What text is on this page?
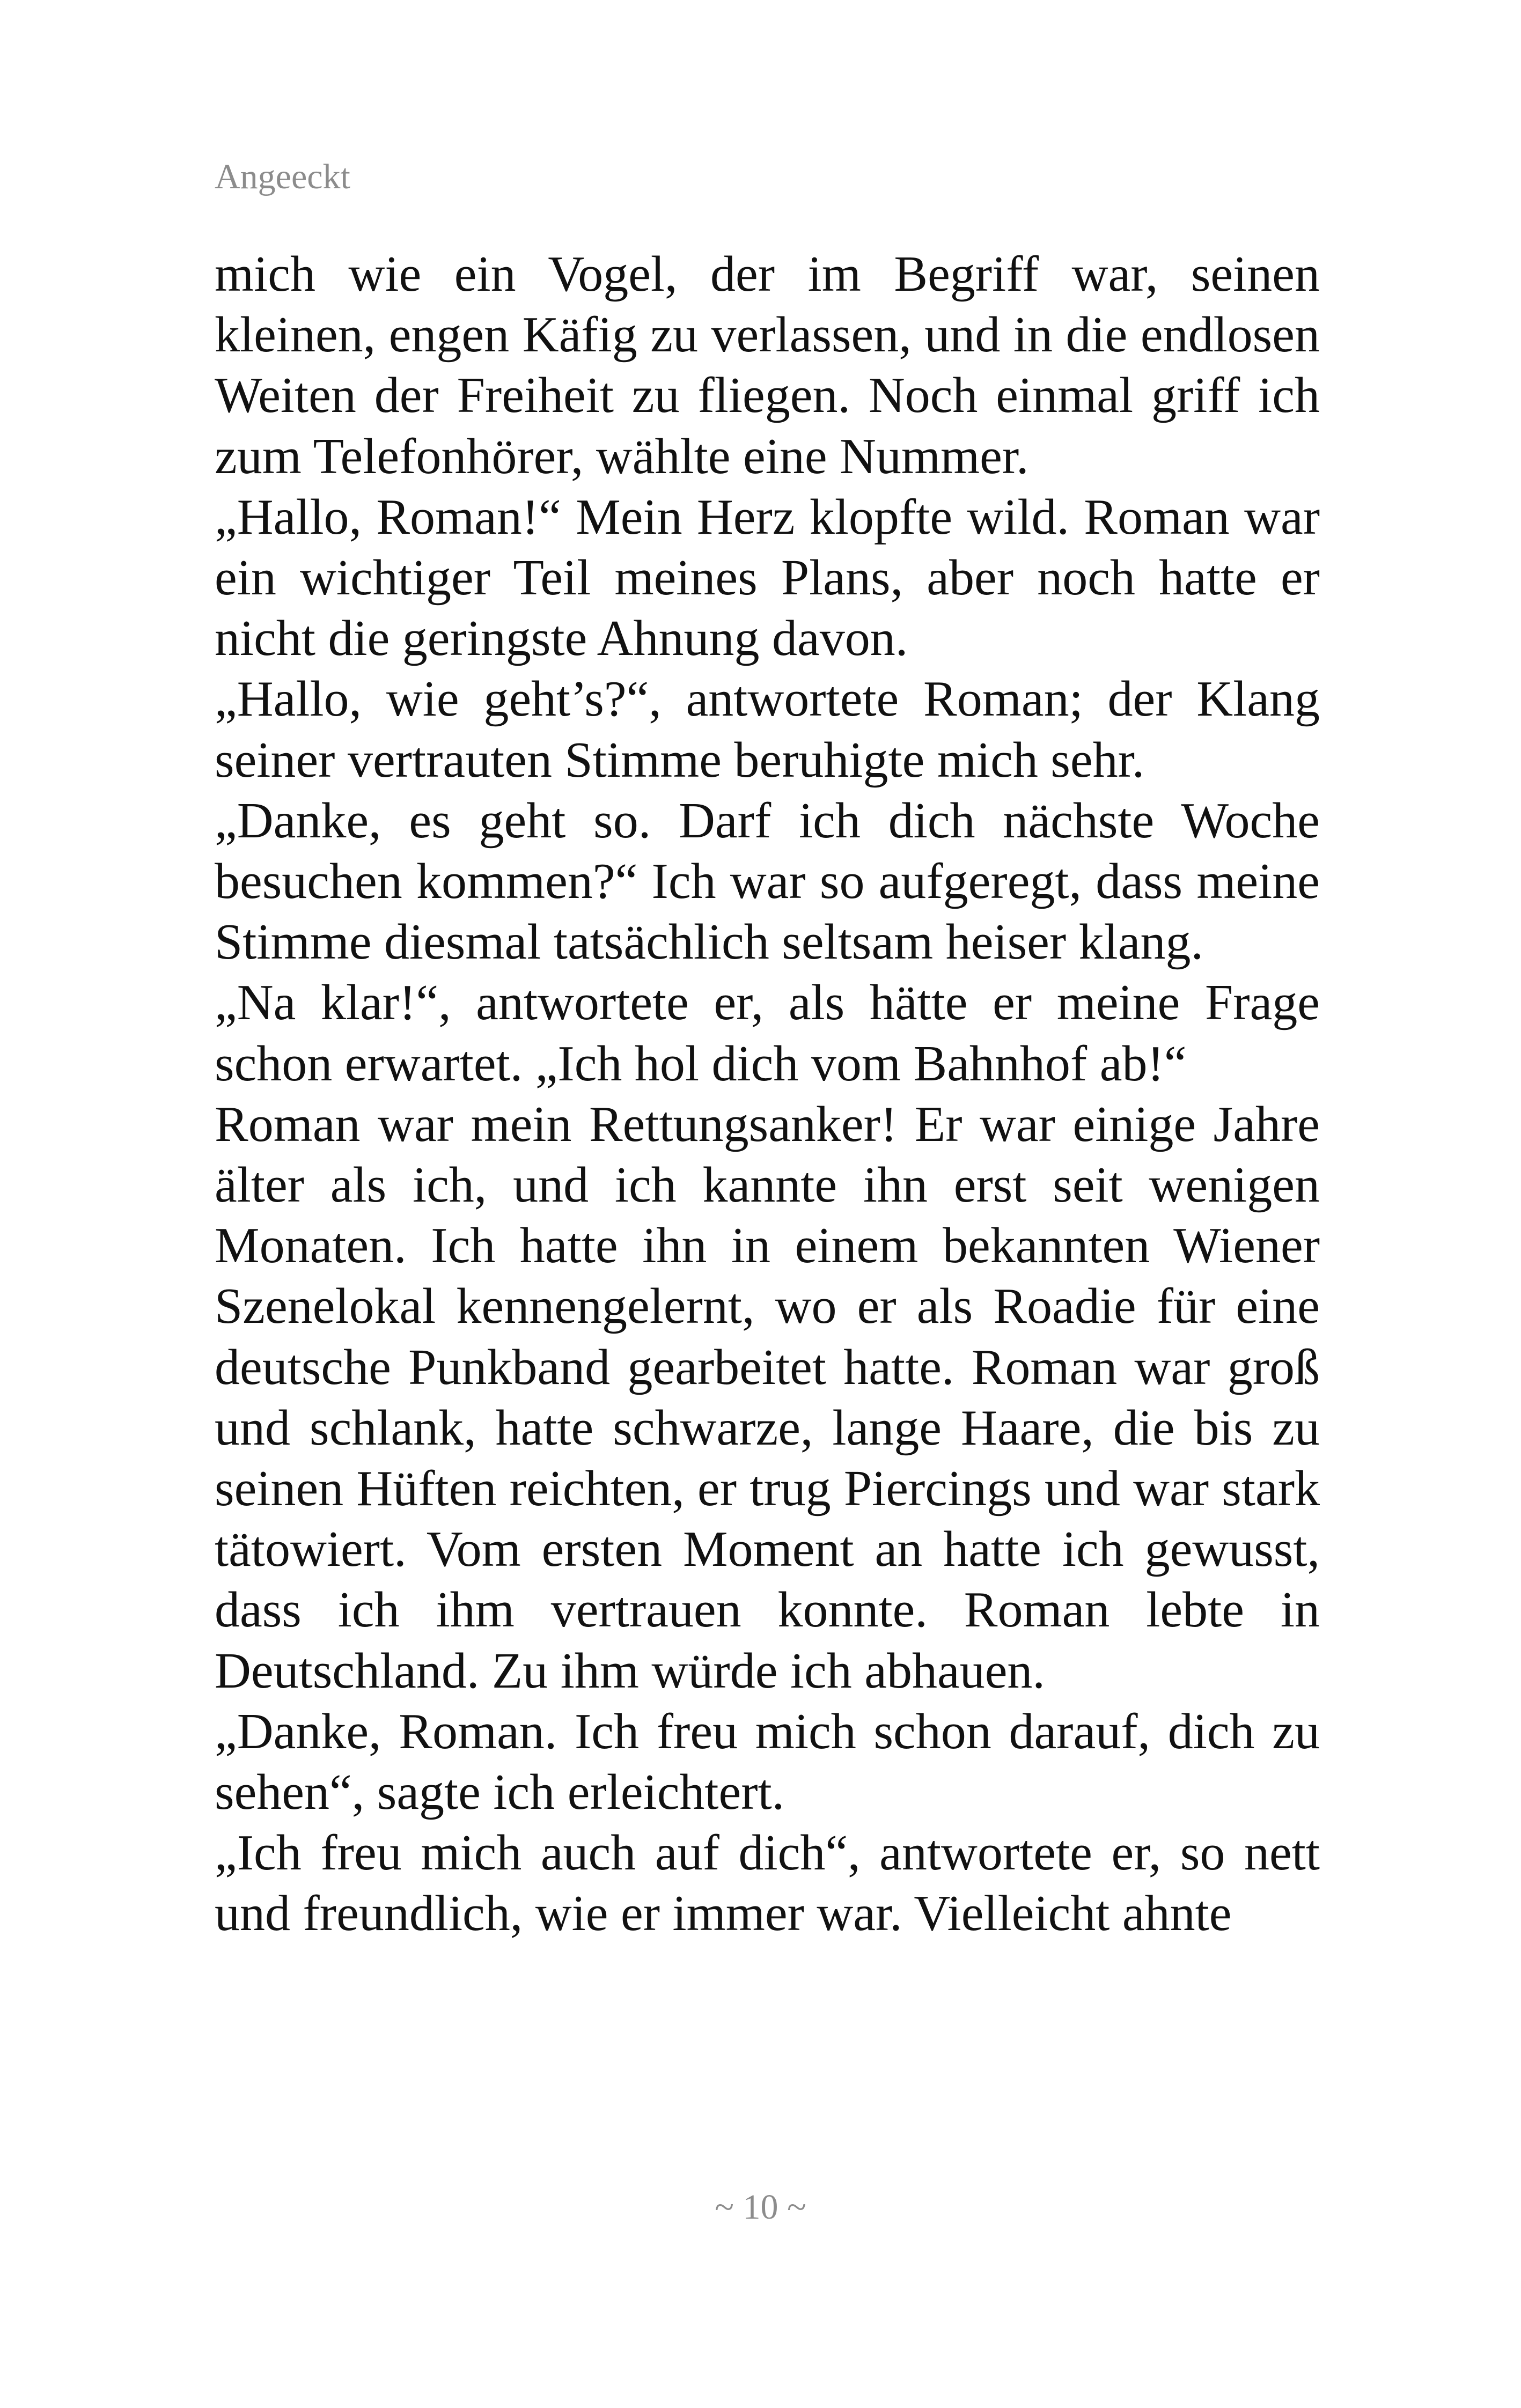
Angeeckt

mich wie ein Vogel, der im Begriff war, seinen kleinen, engen Käfig zu verlassen, und in die endlosen Weiten der Freiheit zu fliegen. Noch einmal griff ich zum Telefonhörer, wählte eine Nummer.

„Hallo, Roman!“ Mein Herz klopfte wild. Roman war ein wichtiger Teil meines Plans, aber noch hatte er nicht die geringste Ahnung davon.

„Hallo, wie geht’s?“, antwortete Roman; der Klang seiner vertrauten Stimme beruhigte mich sehr.

„Danke, es geht so. Darf ich dich nächste Woche besuchen kommen?“ Ich war so aufgeregt, dass meine Stimme diesmal tatsächlich seltsam heiser klang.

„Na klar!“, antwortete er, als hätte er meine Frage schon erwartet. „Ich hol dich vom Bahnhof ab!“

Roman war mein Rettungsanker! Er war einige Jahre älter als ich, und ich kannte ihn erst seit wenigen Monaten. Ich hatte ihn in einem bekannten Wiener Szenelokal kennengelernt, wo er als Roadie für eine deutsche Punkband gearbeitet hatte. Roman war groß und schlank, hatte schwarze, lange Haare, die bis zu seinen Hüften reichten, er trug Piercings und war stark tätowiert. Vom ersten Moment an hatte ich gewusst, dass ich ihm vertrauen konnte. Roman lebte in Deutschland. Zu ihm würde ich abhauen.

„Danke, Roman. Ich freu mich schon darauf, dich zu sehen“, sagte ich erleichtert.

„Ich freu mich auch auf dich“, antwortete er, so nett und freundlich, wie er immer war. Vielleicht ahnte

~ 10 ~
